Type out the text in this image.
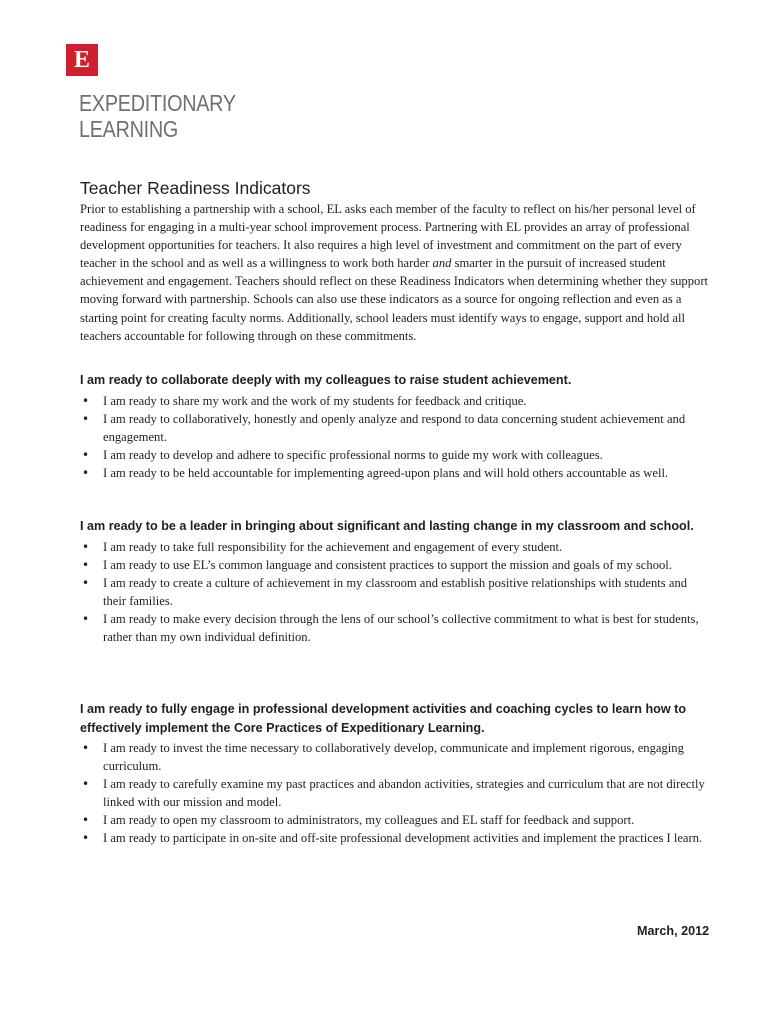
E
EXPEDITIONARY
LEARNING
Teacher Readiness Indicators

Prior to establishing a partnership with a school, EL asks each member of the faculty to reflect on his/her personal level of readiness for engaging in a multi-year school improvement process. Partnering with EL provides an array of professional development opportunities for teachers. It also requires a high level of investment and commitment on the part of every teacher in the school and as well as a willingness to work both harder and smarter in the pursuit of increased student achievement and engagement. Teachers should reflect on these Readiness Indicators when determining whether they support moving forward with partnership. Schools can also use these indicators as a source for ongoing reflection and even as a starting point for creating faculty norms. Additionally, school leaders must identify ways to engage, support and hold all teachers accountable for following through on these commitments.

I am ready to collaborate deeply with my colleagues to raise student achievement.
• I am ready to share my work and the work of my students for feedback and critique.
• I am ready to collaboratively, honestly and openly analyze and respond to data concerning student achievement and engagement.
• I am ready to develop and adhere to specific professional norms to guide my work with colleagues.
• I am ready to be held accountable for implementing agreed-upon plans and will hold others accountable as well.
I am ready to be a leader in bringing about significant and lasting change in my classroom and school.
• I am ready to take full responsibility for the achievement and engagement of every student.
• I am ready to use EL’s common language and consistent practices to support the mission and goals of my school.
• I am ready to create a culture of achievement in my classroom and establish positive relationships with students and their families.
• I am ready to make every decision through the lens of our school’s collective commitment to what is best for students, rather than my own individual definition.
I am ready to fully engage in professional development activities and coaching cycles to learn how to effectively implement the Core Practices of Expeditionary Learning.
• I am ready to invest the time necessary to collaboratively develop, communicate and implement rigorous, engaging curriculum.
• I am ready to carefully examine my past practices and abandon activities, strategies and curriculum that are not directly linked with our mission and model.
• I am ready to open my classroom to administrators, my colleagues and EL staff for feedback and support.
• I am ready to participate in on-site and off-site professional development activities and implement the practices I learn.
March, 2012
